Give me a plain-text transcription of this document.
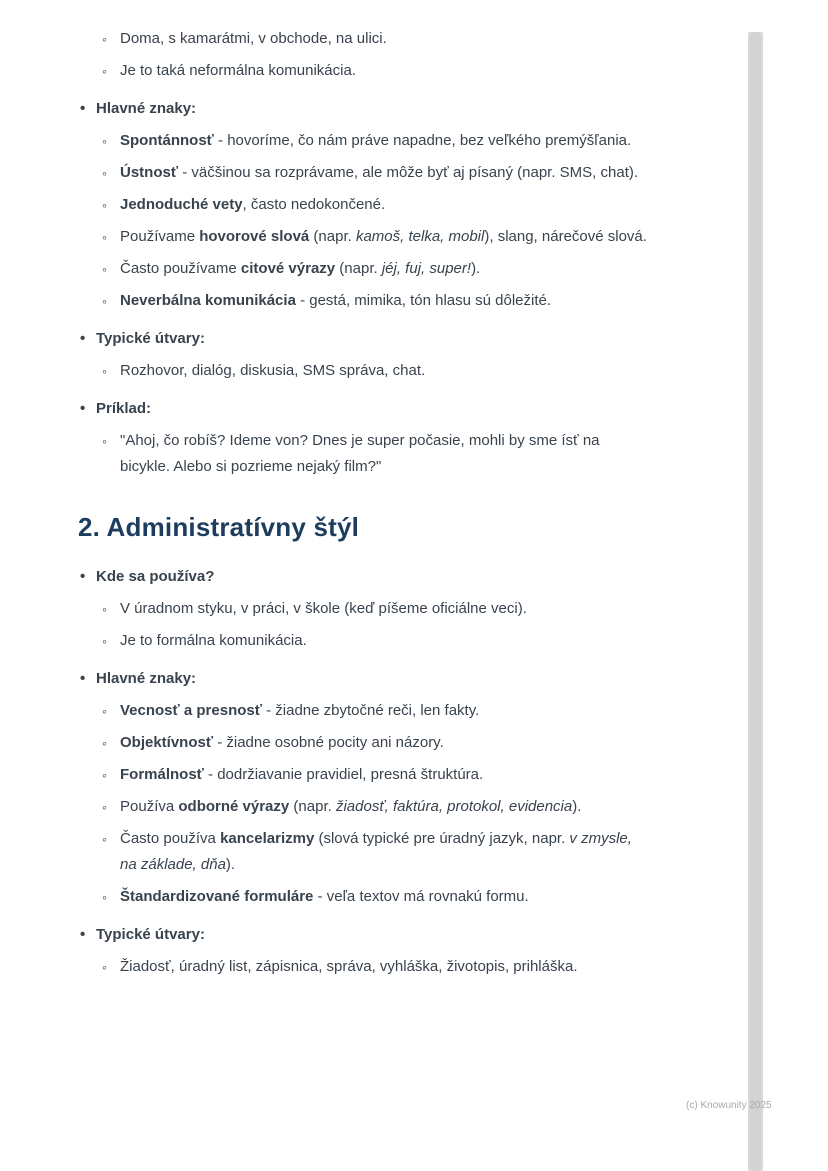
◦ Doma, s kamarátmi, v obchode, na ulici.
◦ Je to taká neformálna komunikácia.
• Hlavné znaky:
◦ Spontánnosť - hovoríme, čo nám práve napadne, bez veľkého premýšľania.
◦ Ústnosť - väčšinou sa rozprávame, ale môže byť aj písaný (napr. SMS, chat).
◦ Jednoduché vety, často nedokončené.
◦ Používame hovorové slová (napr. kamoš, telka, mobil), slang, nárečové slová.
◦ Často používame citové výrazy (napr. jéj, fuj, super!).
◦ Neverbálna komunikácia - gestá, mimika, tón hlasu sú dôležité.
• Typické útvary:
◦ Rozhovor, dialóg, diskusia, SMS správa, chat.
• Príklad:
◦ "Ahoj, čo robíš? Ideme von? Dnes je super počasie, mohli by sme ísť na bicykle. Alebo si pozrieme nejaký film?"
2. Administratívny štýl
• Kde sa používa?
◦ V úradnom styku, v práci, v škole (keď píšeme oficiálne veci).
◦ Je to formálna komunikácia.
• Hlavné znaky:
◦ Vecnosť a presnosť - žiadne zbytočné reči, len fakty.
◦ Objektívnosť - žiadne osobné pocity ani názory.
◦ Formálnosť - dodržiavanie pravidiel, presná štruktúra.
◦ Používa odborné výrazy (napr. žiadosť, faktúra, protokol, evidencia).
◦ Často používa kancelarizmy (slová typické pre úradný jazyk, napr. v zmysle, na základe, dňa).
◦ Štandardizované formuláre - veľa textov má rovnakú formu.
• Typické útvary:
◦ Žiadosť, úradný list, zápisnica, správa, vyhláška, životopis, prihláška.
(c) Knowunity 2025
